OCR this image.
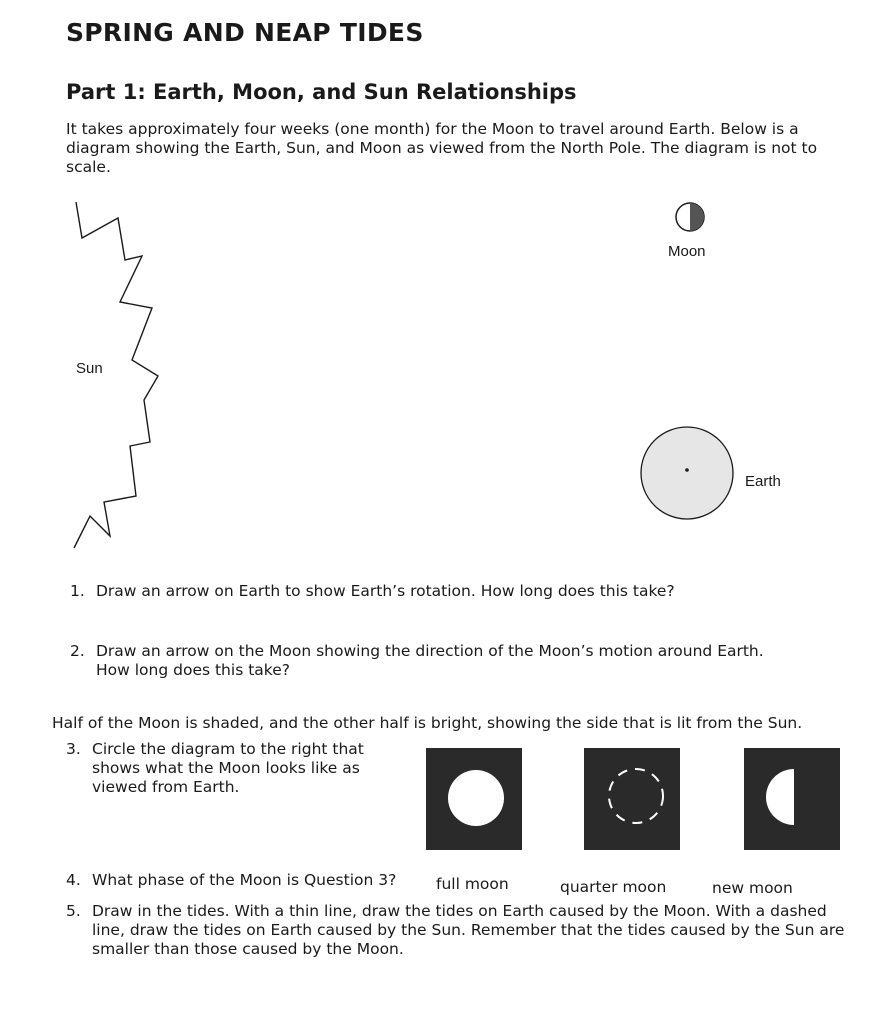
SPRING AND NEAP TIDES
Part 1: Earth, Moon, and Sun Relationships
It takes approximately four weeks (one month) for the Moon to travel around Earth. Below is a diagram showing the Earth, Sun, and Moon as viewed from the North Pole. The diagram is not to scale.
Sun
Moon
Earth
1. Draw an arrow on Earth to show Earth’s rotation. How long does this take?
2. Draw an arrow on the Moon showing the direction of the Moon’s motion around Earth.
How long does this take?
Half of the Moon is shaded, and the other half is bright, showing the side that is lit from the Sun.
3. Circle the diagram to the right that
shows what the Moon looks like as
viewed from Earth.
4. What phase of the Moon is Question 3?	full moon	quarter moon	new moon
5. Draw in the tides. With a thin line, draw the tides on Earth caused by the Moon. With a dashed
line, draw the tides on Earth caused by the Sun. Remember that the tides caused by the Sun are
smaller than those caused by the Moon.
